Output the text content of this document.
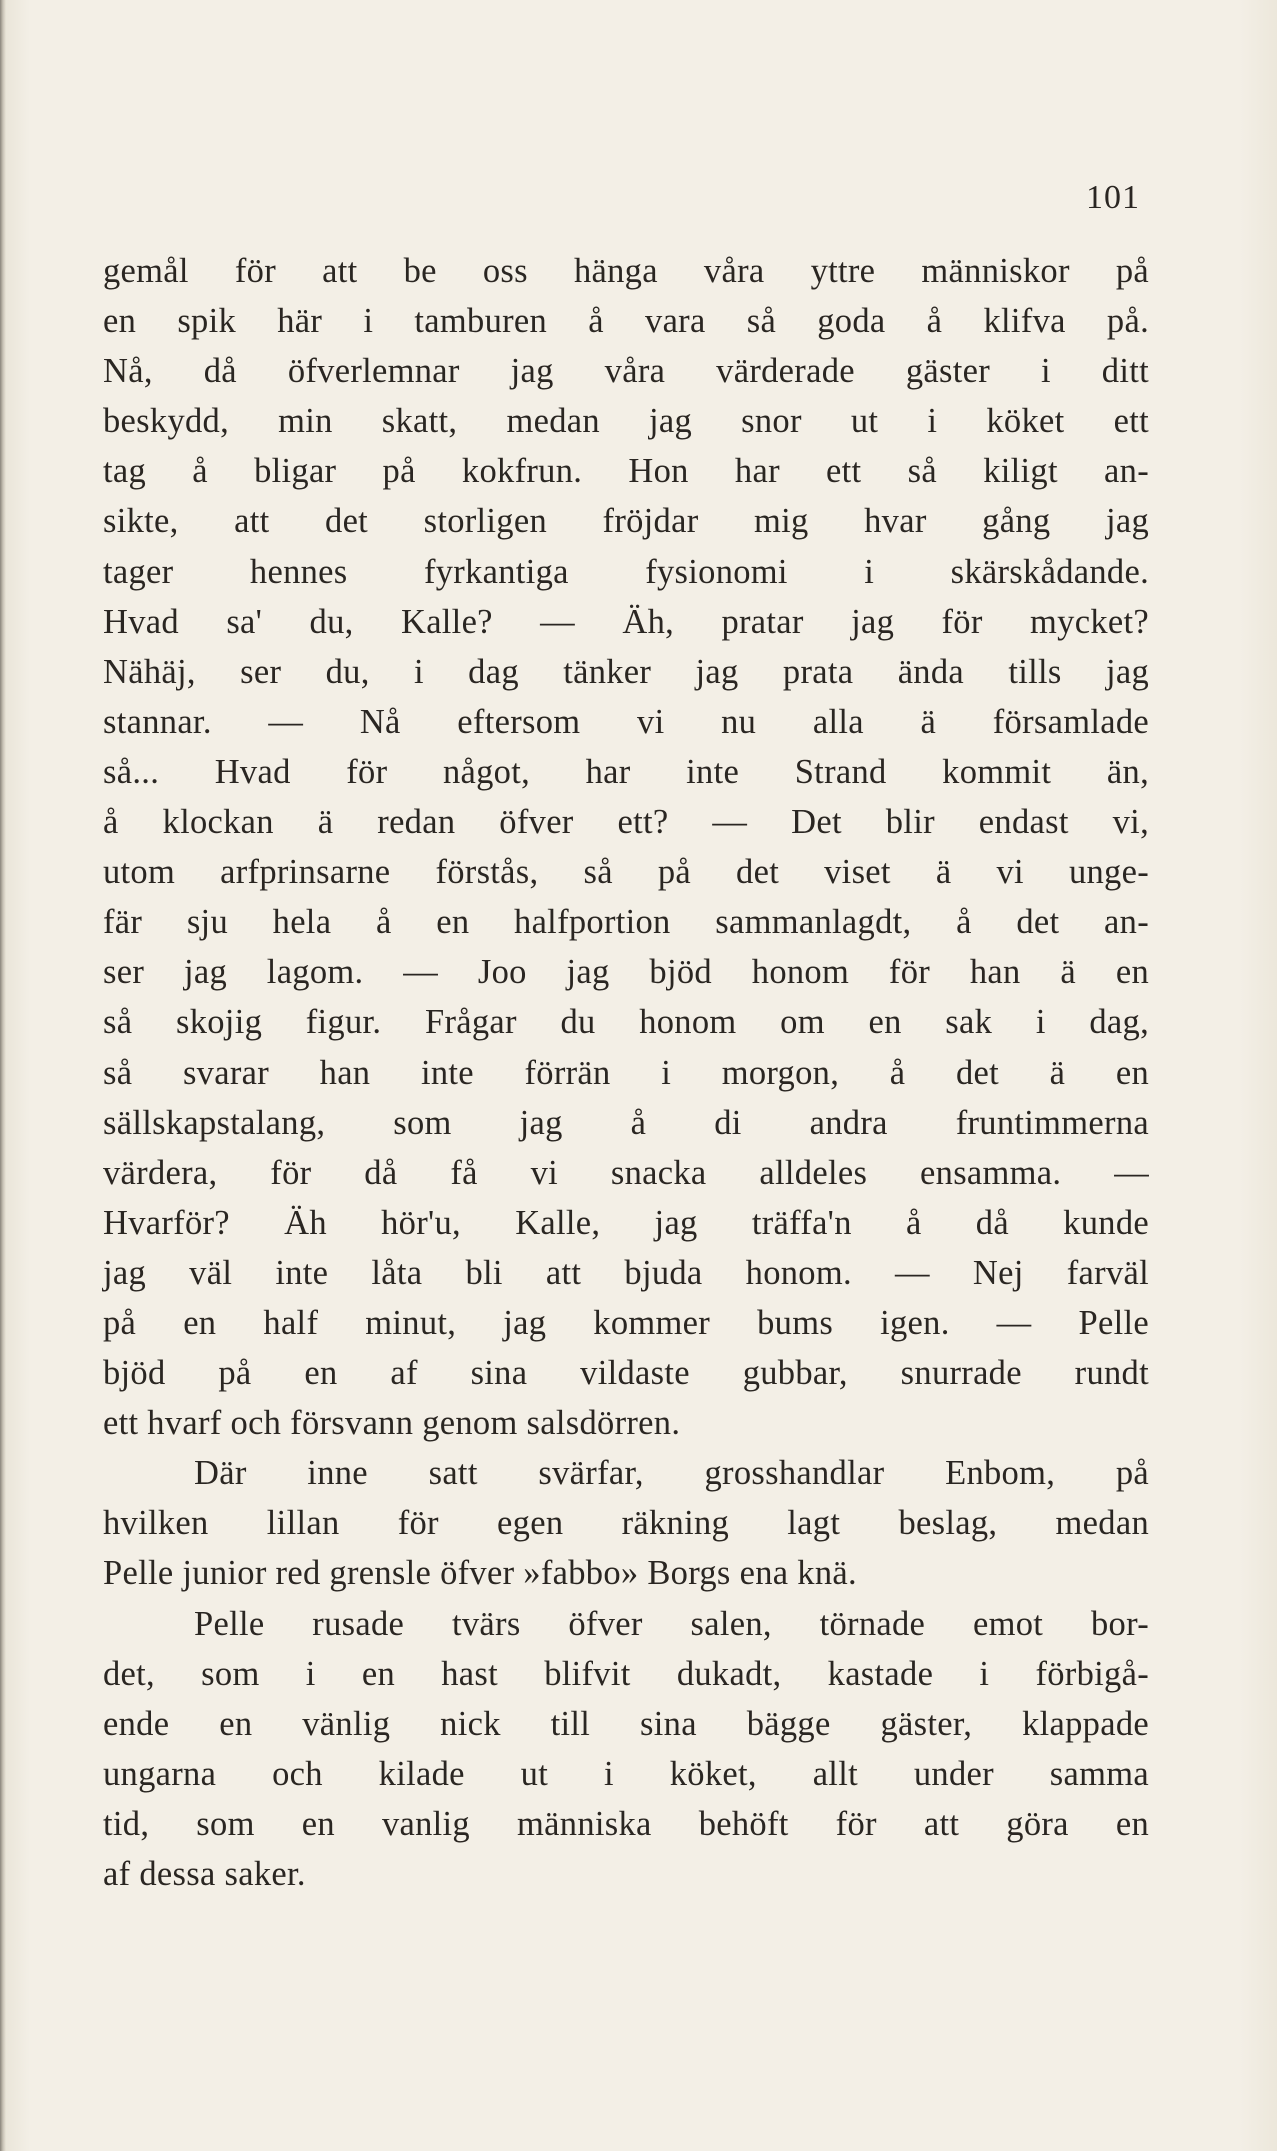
101
gemål för att be oss hänga våra yttre människor på
en spik här i tamburen å vara så goda å klifva på.
Nå, då öfverlemnar jag våra värderade gäster i ditt
beskydd, min skatt, medan jag snor ut i köket ett
tag å bligar på kokfrun. Hon har ett så kiligt an-
sikte, att det storligen fröjdar mig hvar gång jag
tager hennes fyrkantiga fysionomi i skärskådande.
Hvad sa' du, Kalle? — Äh, pratar jag för mycket?
Nähäj, ser du, i dag tänker jag prata ända tills jag
stannar. — Nå eftersom vi nu alla ä församlade
så... Hvad för något, har inte Strand kommit än,
å klockan ä redan öfver ett? — Det blir endast vi,
utom arfprinsarne förstås, så på det viset ä vi unge-
fär sju hela å en halfportion sammanlagdt, å det an-
ser jag lagom. — Joo jag bjöd honom för han ä en
så skojig figur. Frågar du honom om en sak i dag,
så svarar han inte förrän i morgon, å det ä en
sällskapstalang, som jag å di andra fruntimmerna
värdera, för då få vi snacka alldeles ensamma. —
Hvarför? Äh hör'u, Kalle, jag träffa'n å då kunde
jag väl inte låta bli att bjuda honom. — Nej farväl
på en half minut, jag kommer bums igen. — Pelle
bjöd på en af sina vildaste gubbar, snurrade rundt
ett hvarf och försvann genom salsdörren.
Där inne satt svärfar, grosshandlar Enbom, på
hvilken lillan för egen räkning lagt beslag, medan
Pelle junior red grensle öfver »fabbo» Borgs ena knä.
Pelle rusade tvärs öfver salen, törnade emot bor-
det, som i en hast blifvit dukadt, kastade i förbigå-
ende en vänlig nick till sina bägge gäster, klappade
ungarna och kilade ut i köket, allt under samma
tid, som en vanlig människa behöft för att göra en
af dessa saker.
